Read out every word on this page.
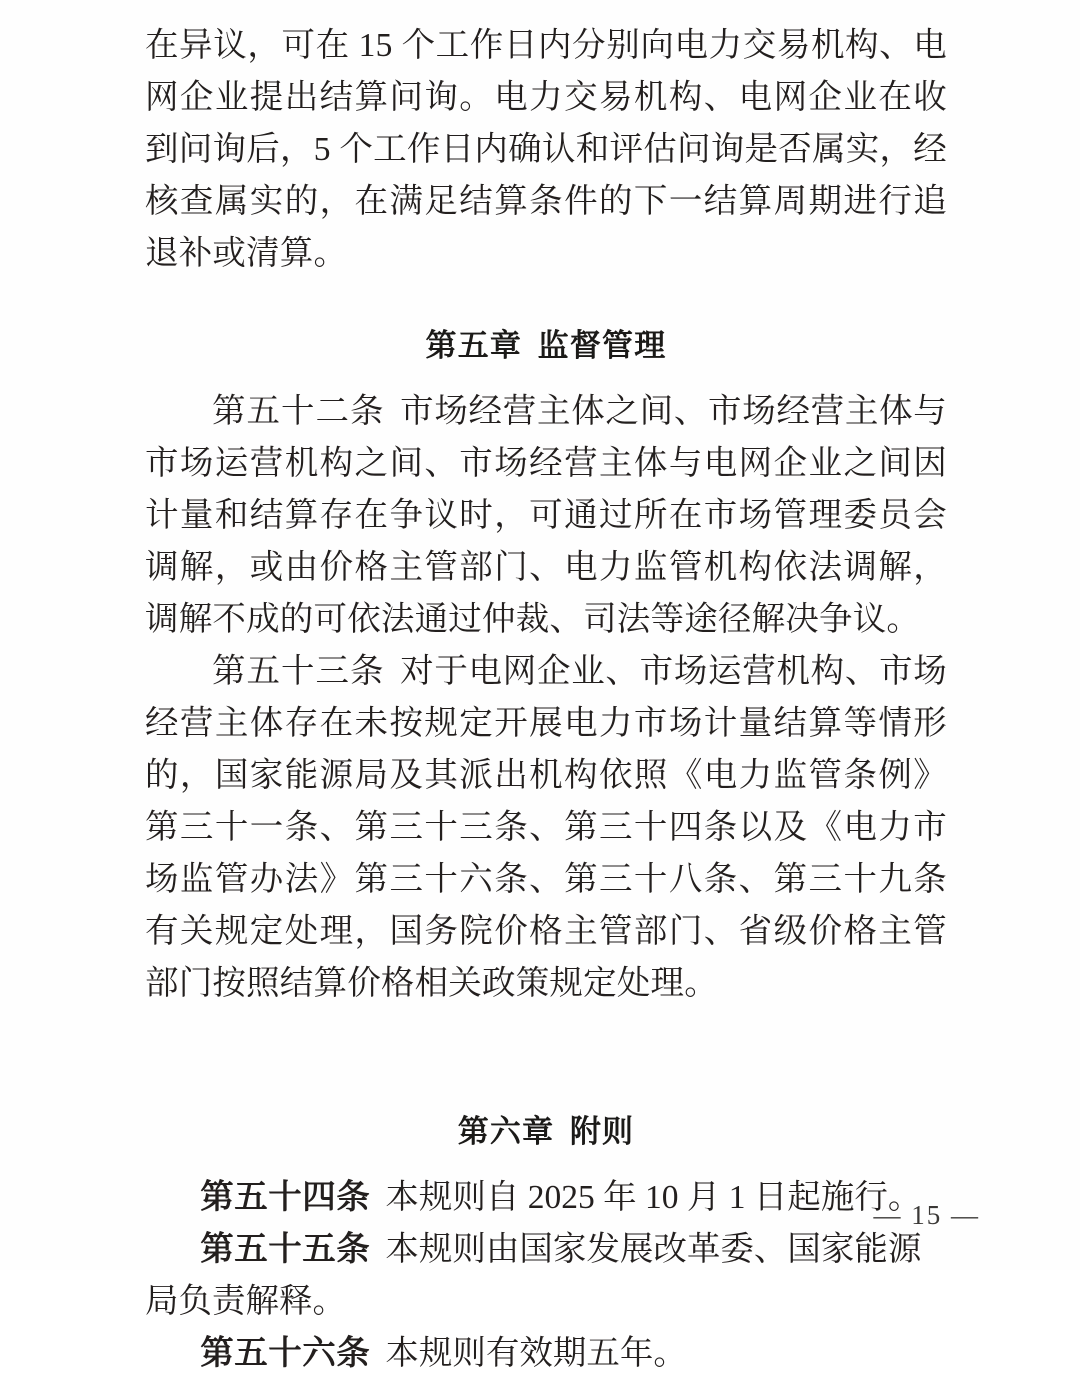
在异议，可在 15 个工作日内分别向电力交易机构、电网企业提出结算问询。电力交易机构、电网企业在收到问询后，5 个工作日内确认和评估问询是否属实，经核查属实的，在满足结算条件的下一结算周期进行追退补或清算。

第五章 监督管理

第五十二条 市场经营主体之间、市场经营主体与市场运营机构之间、市场经营主体与电网企业之间因计量和结算存在争议时，可通过所在市场管理委员会调解，或由价格主管部门、电力监管机构依法调解，调解不成的可依法通过仲裁、司法等途径解决争议。

第五十三条 对于电网企业、市场运营机构、市场经营主体存在未按规定开展电力市场计量结算等情形的，国家能源局及其派出机构依照《电力监管条例》第三十一条、第三十三条、第三十四条以及《电力市场监管办法》第三十六条、第三十八条、第三十九条有关规定处理，国务院价格主管部门、省级价格主管部门按照结算价格相关政策规定处理。

第六章 附则

第五十四条 本规则自 2025 年 10 月 1 日起施行。

第五十五条 本规则由国家发展改革委、国家能源局负责解释。

第五十六条 本规则有效期五年。

— 15 —
